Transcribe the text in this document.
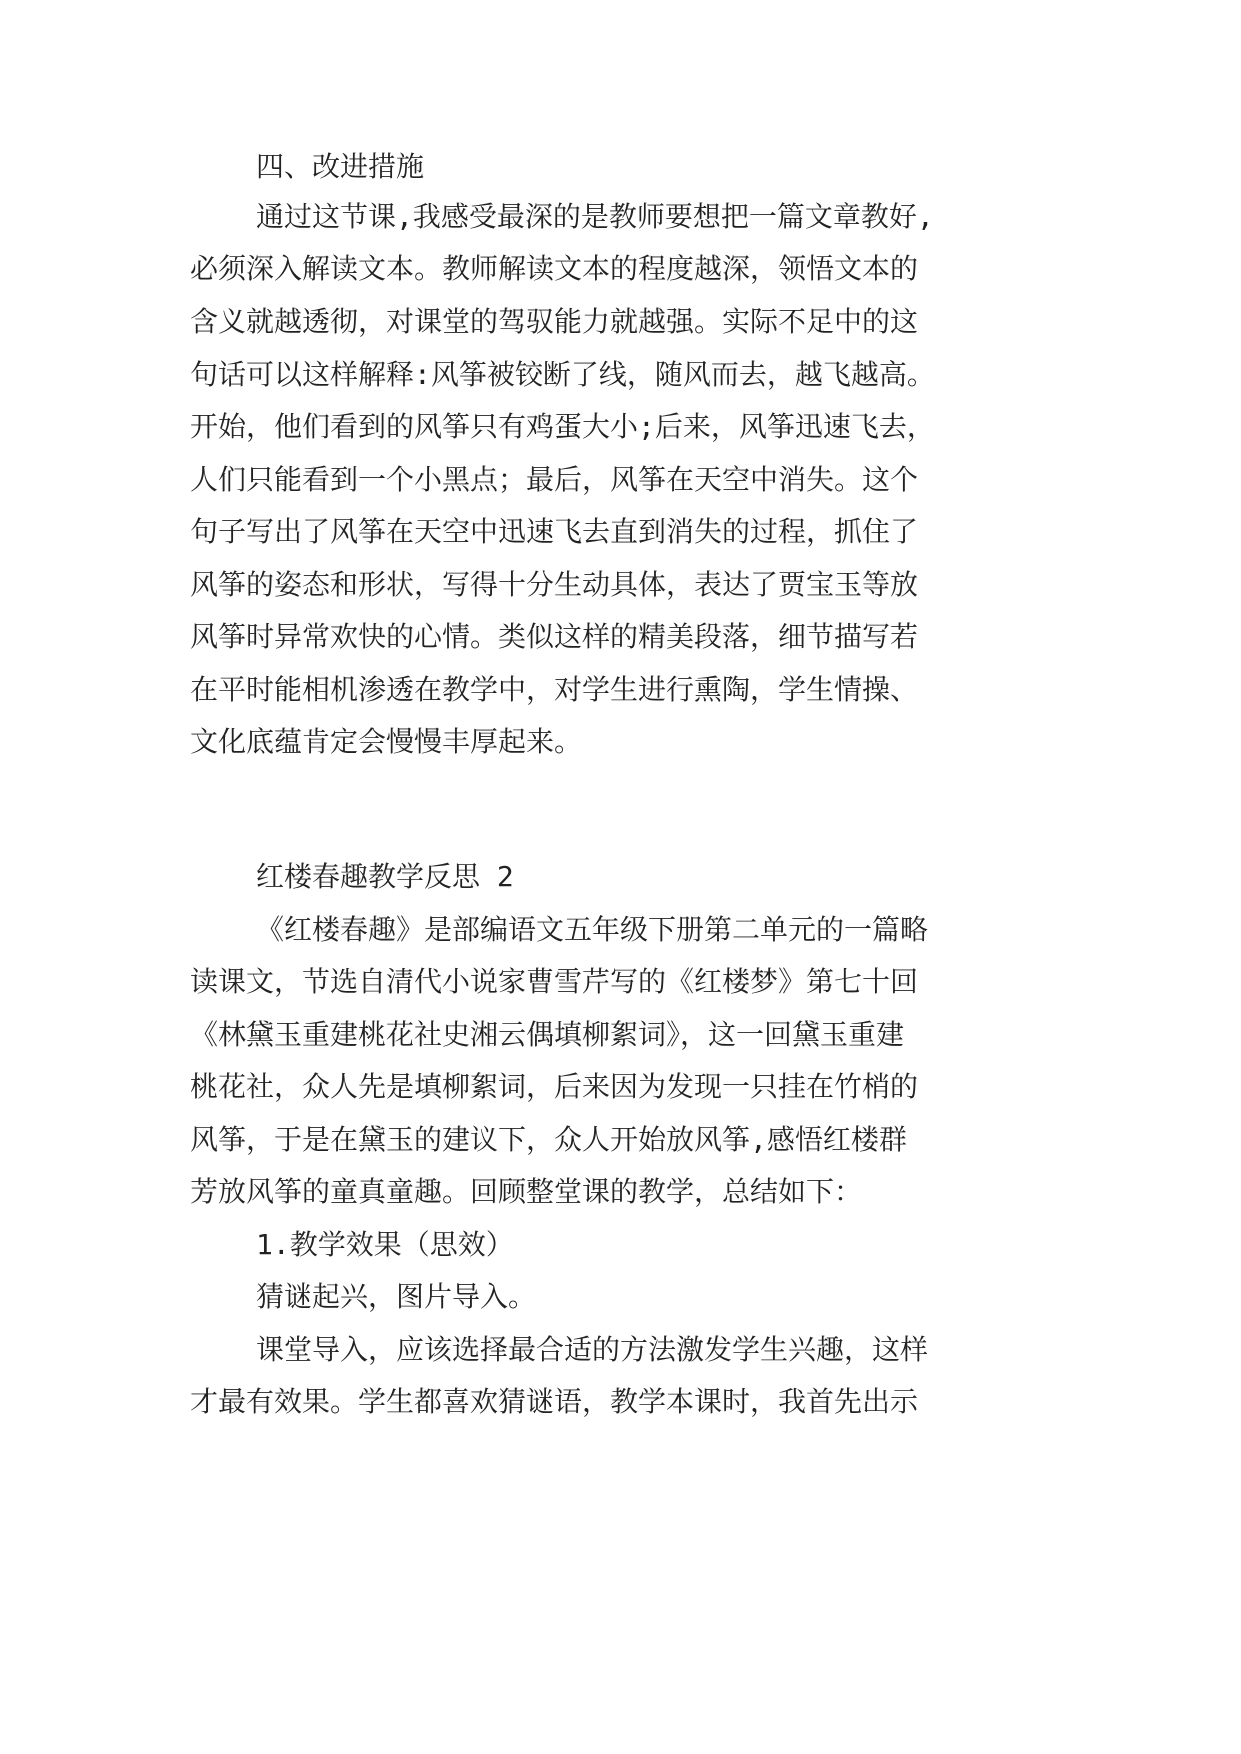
四、改进措施
通过这节课,我感受最深的是教师要想把一篇文章教好,
必须深入解读文本。教师解读文本的程度越深，领悟文本的
含义就越透彻，对课堂的驾驭能力就越强。实际不足中的这
句话可以这样解释:风筝被铰断了线，随风而去，越飞越高。
开始，他们看到的风筝只有鸡蛋大小;后来，风筝迅速飞去，
人们只能看到一个小黑点；最后，风筝在天空中消失。这个
句子写出了风筝在天空中迅速飞去直到消失的过程，抓住了
风筝的姿态和形状，写得十分生动具体，表达了贾宝玉等放
风筝时异常欢快的心情。类似这样的精美段落，细节描写若
在平时能相机渗透在教学中，对学生进行熏陶，学生情操、
文化底蕴肯定会慢慢丰厚起来。
红楼春趣教学反思 2
《红楼春趣》是部编语文五年级下册第二单元的一篇略
读课文，节选自清代小说家曹雪芹写的《红楼梦》第七十回
《林黛玉重建桃花社史湘云偶填柳絮词》，这一回黛玉重建
桃花社，众人先是填柳絮词，后来因为发现一只挂在竹梢的
风筝，于是在黛玉的建议下，众人开始放风筝,感悟红楼群
芳放风筝的童真童趣。回顾整堂课的教学，总结如下：
1.教学效果（思效）
猜谜起兴，图片导入。
课堂导入，应该选择最合适的方法激发学生兴趣，这样
才最有效果。学生都喜欢猜谜语，教学本课时，我首先出示
